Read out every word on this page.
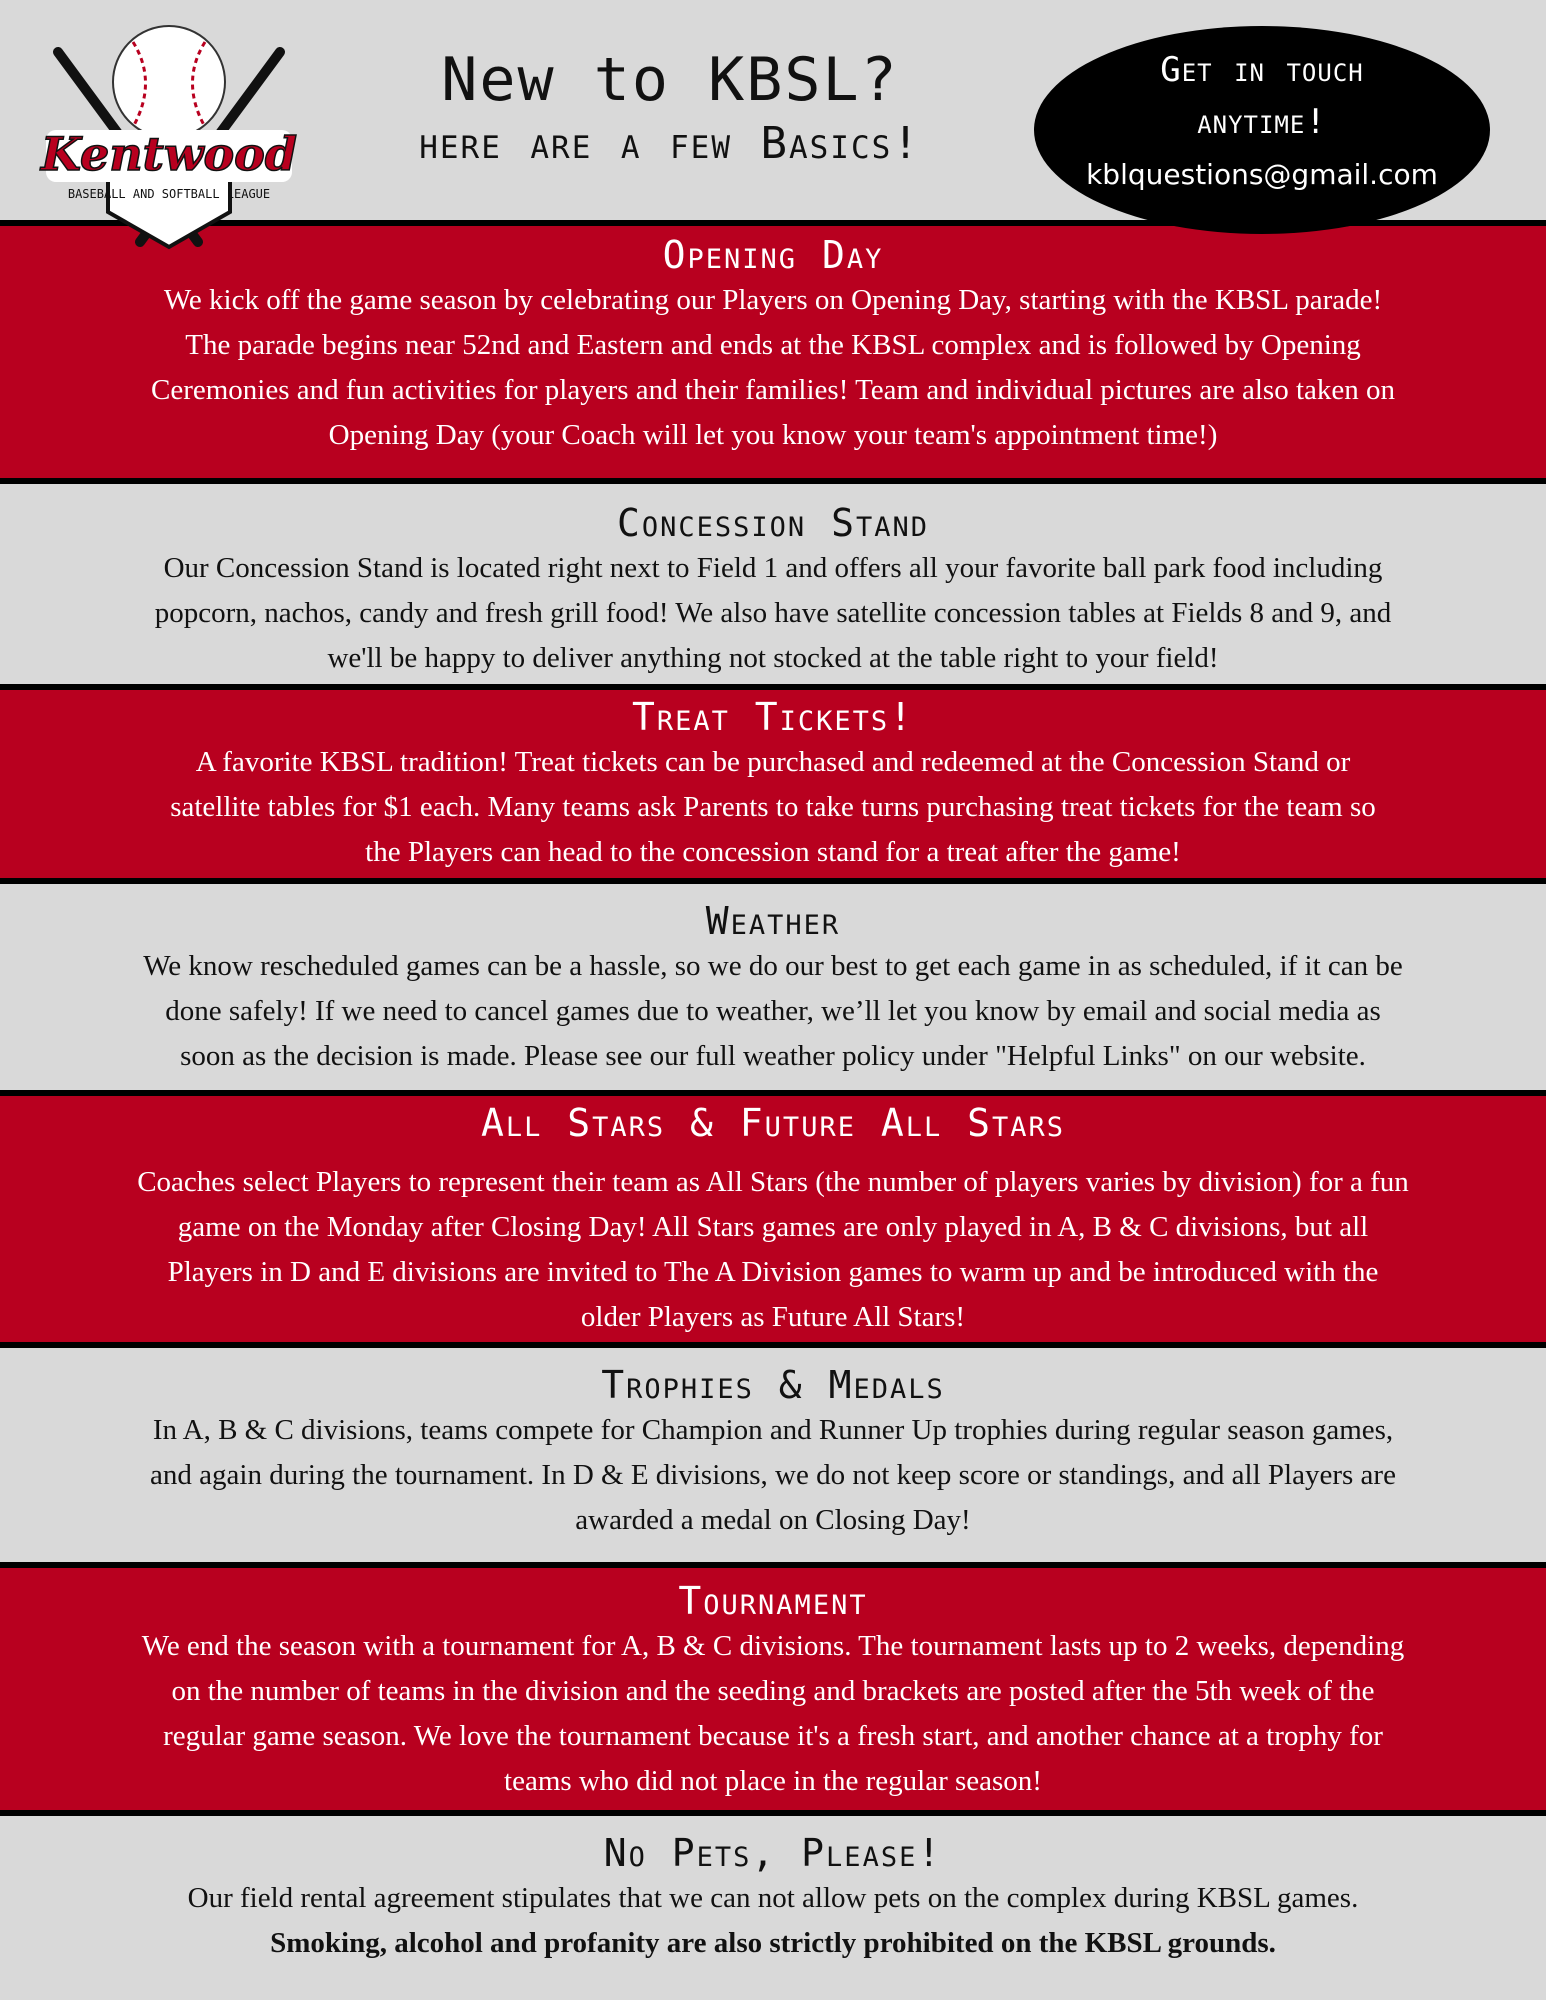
Kentwood
BASEBALL AND SOFTBALL LEAGUE
New to KBSL?
here are a few Basics!
Get in touch
anytime!
kblquestions@gmail.com
Opening Day
We kick off the game season by celebrating our Players on Opening Day, starting with the KBSL parade!
The parade begins near 52nd and Eastern and ends at the KBSL complex and is followed by Opening
Ceremonies and fun activities for players and their families! Team and individual pictures are also taken on
Opening Day (your Coach will let you know your team's appointment time!)
Concession Stand
Our Concession Stand is located right next to Field 1 and offers all your favorite ball park food including
popcorn, nachos, candy and fresh grill food! We also have satellite concession tables at Fields 8 and 9, and
we'll be happy to deliver anything not stocked at the table right to your field!
Treat Tickets!
A favorite KBSL tradition! Treat tickets can be purchased and redeemed at the Concession Stand or
satellite tables for $1 each. Many teams ask Parents to take turns purchasing treat tickets for the team so
the Players can head to the concession stand for a treat after the game!
Weather
We know rescheduled games can be a hassle, so we do our best to get each game in as scheduled, if it can be
done safely! If we need to cancel games due to weather, we’ll let you know by email and social media as
soon as the decision is made. Please see our full weather policy under "Helpful Links" on our website.
All Stars & Future All Stars
Coaches select Players to represent their team as All Stars (the number of players varies by division) for a fun
game on the Monday after Closing Day! All Stars games are only played in A, B & C divisions, but all
Players in D and E divisions are invited to The A Division games to warm up and be introduced with the
older Players as Future All Stars!
Trophies & Medals
In A, B & C divisions, teams compete for Champion and Runner Up trophies during regular season games,
and again during the tournament. In D & E divisions, we do not keep score or standings, and all Players are
awarded a medal on Closing Day!
Tournament
We end the season with a tournament for A, B & C divisions. The tournament lasts up to 2 weeks, depending
on the number of teams in the division and the seeding and brackets are posted after the 5th week of the
regular game season. We love the tournament because it's a fresh start, and another chance at a trophy for
teams who did not place in the regular season!
No Pets, Please!
Our field rental agreement stipulates that we can not allow pets on the complex during KBSL games.
Smoking, alcohol and profanity are also strictly prohibited on the KBSL grounds.
